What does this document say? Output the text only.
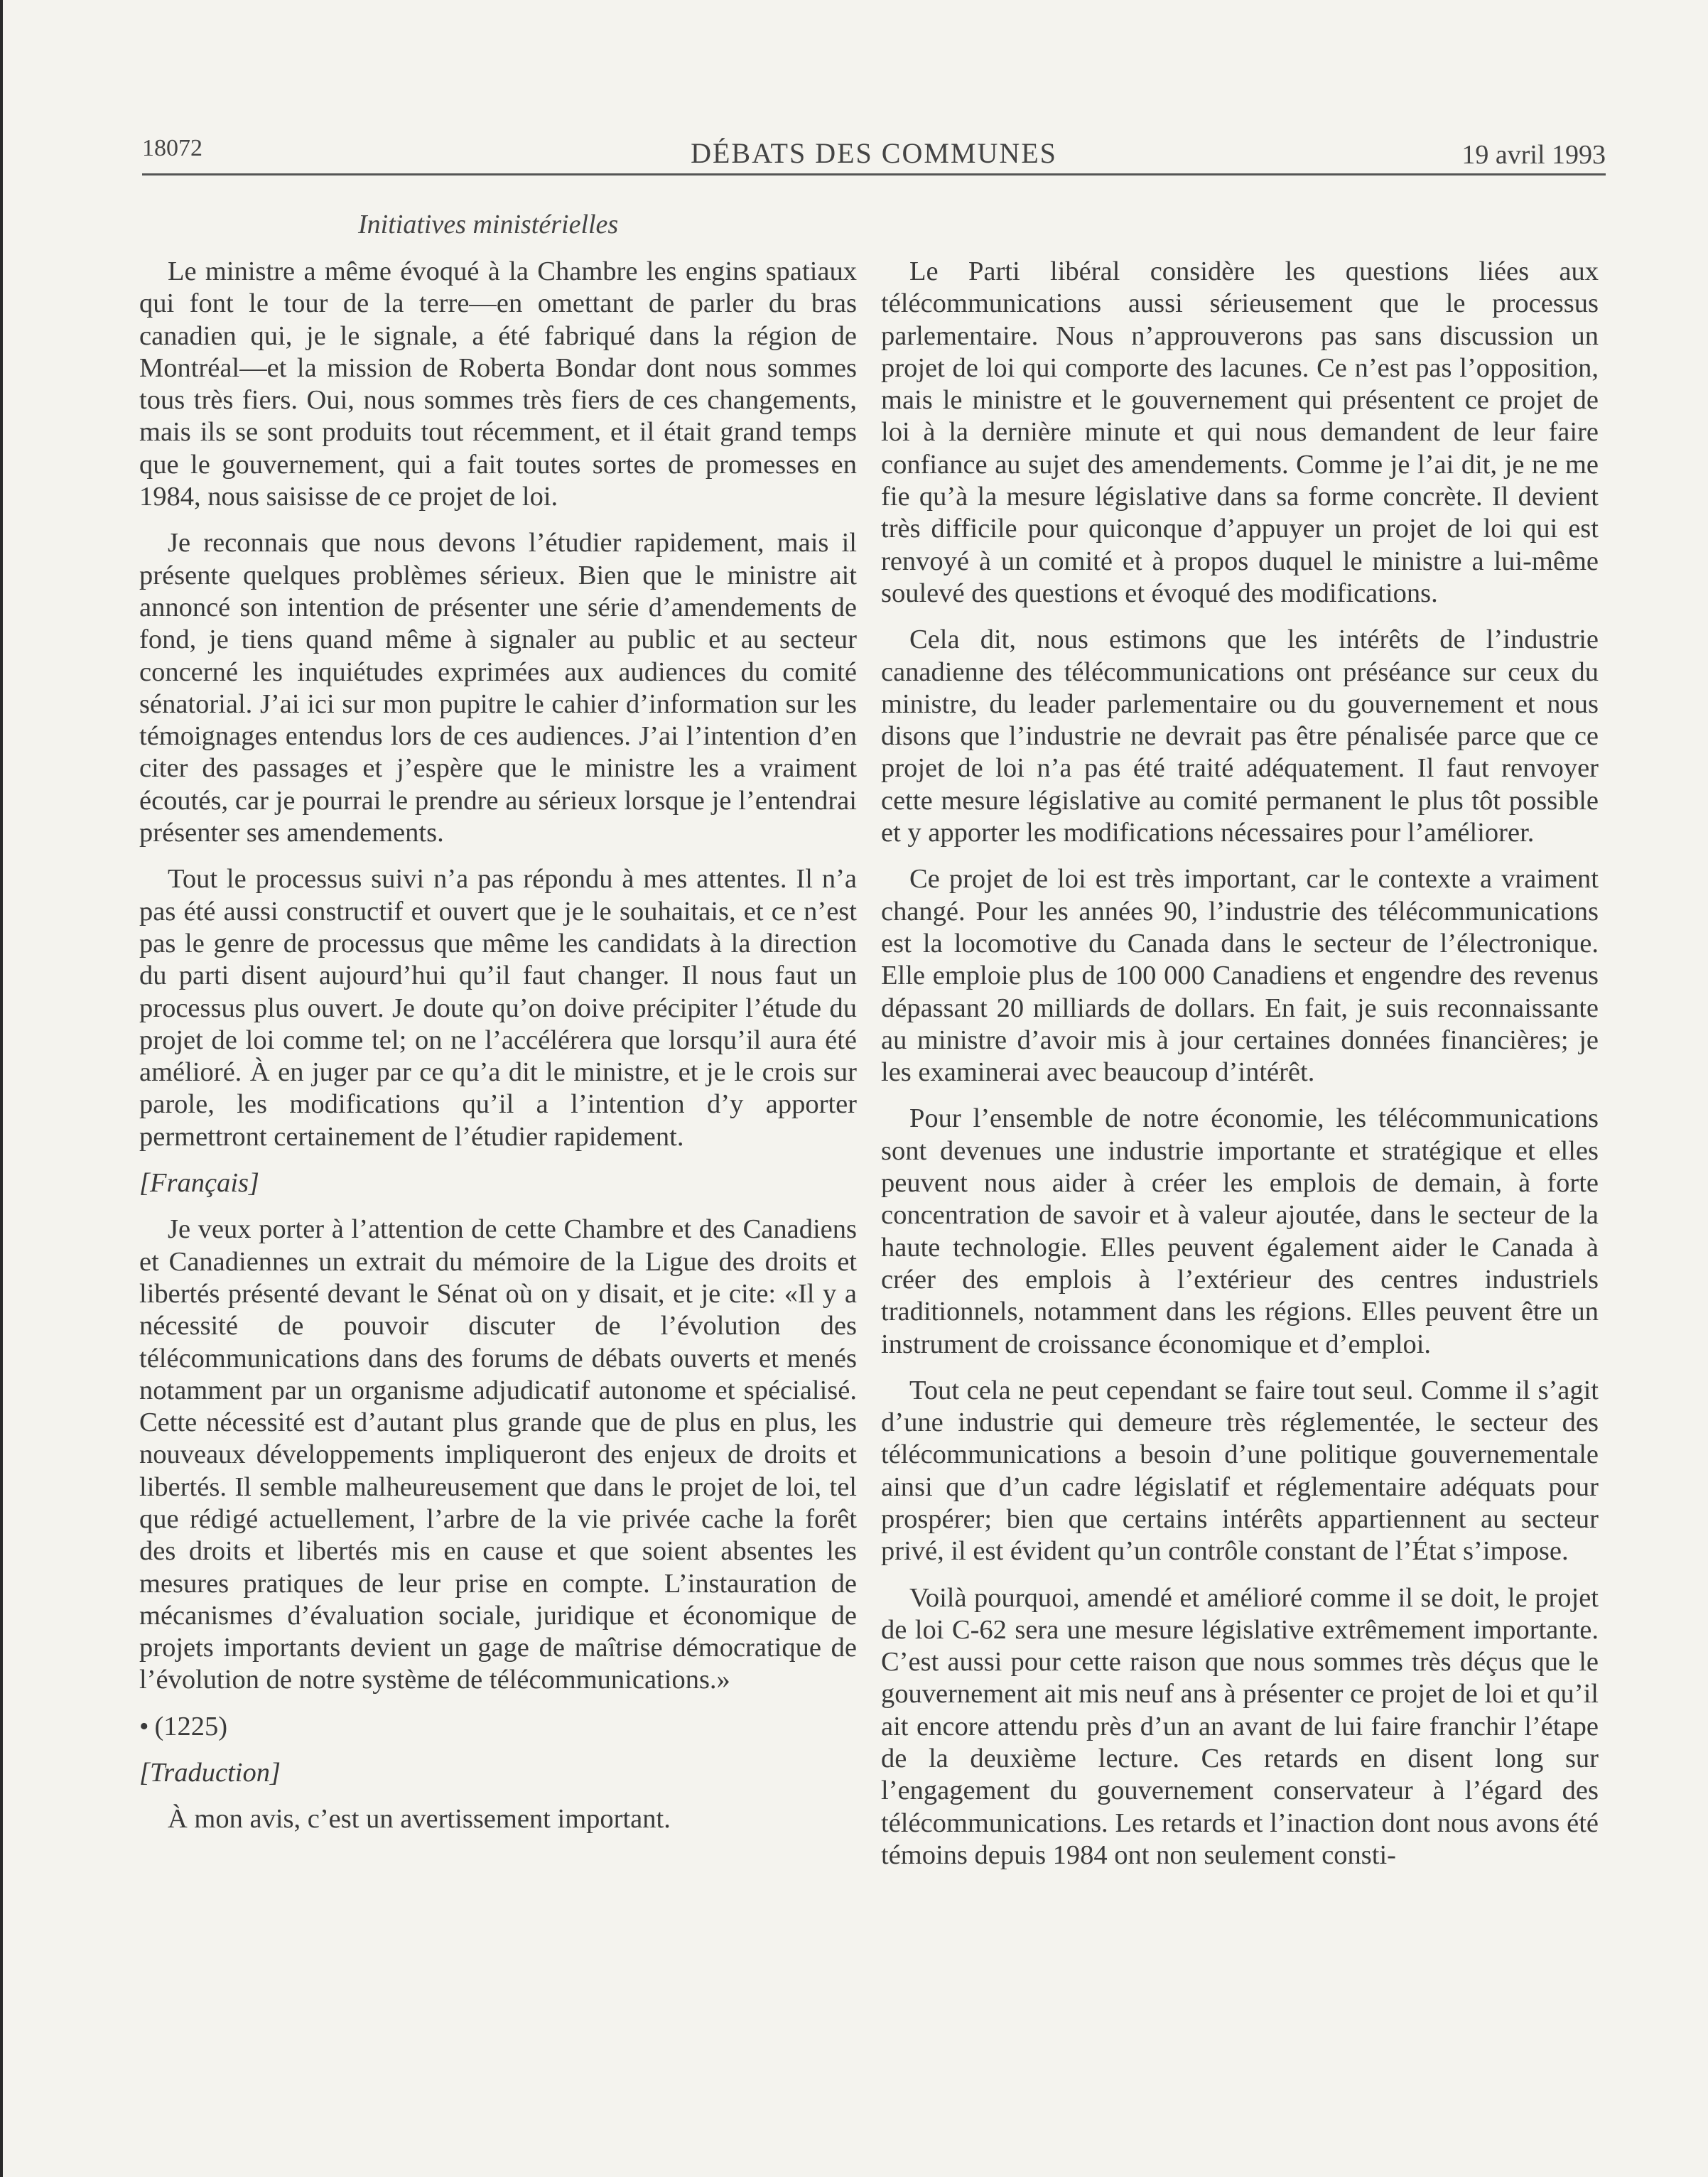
18072	DÉBATS DES COMMUNES	19 avril 1993
Initiatives ministérielles

Le ministre a même évoqué à la Chambre les engins spatiaux qui font le tour de la terre—en omettant de parler du bras canadien qui, je le signale, a été fabriqué dans la région de Montréal—et la mission de Roberta Bondar dont nous sommes tous très fiers. Oui, nous sommes très fiers de ces changements, mais ils se sont produits tout récemment, et il était grand temps que le gouvernement, qui a fait toutes sortes de promesses en 1984, nous saisisse de ce projet de loi.

Je reconnais que nous devons l’étudier rapidement, mais il présente quelques problèmes sérieux. Bien que le ministre ait annoncé son intention de présenter une série d’amendements de fond, je tiens quand même à signaler au public et au secteur concerné les inquiétudes exprimées aux audiences du comité sénatorial. J’ai ici sur mon pupitre le cahier d’information sur les témoignages entendus lors de ces audiences. J’ai l’intention d’en citer des passages et j’espère que le ministre les a vraiment écoutés, car je pourrai le prendre au sérieux lorsque je l’entendrai présenter ses amendements.

Tout le processus suivi n’a pas répondu à mes attentes. Il n’a pas été aussi constructif et ouvert que je le souhaitais, et ce n’est pas le genre de processus que même les candidats à la direction du parti disent aujourd’hui qu’il faut changer. Il nous faut un processus plus ouvert. Je doute qu’on doive précipiter l’étude du projet de loi comme tel; on ne l’accélérera que lorsqu’il aura été amélioré. À en juger par ce qu’a dit le ministre, et je le crois sur parole, les modifications qu’il a l’intention d’y apporter permettront certainement de l’étudier rapidement.

[Français]

Je veux porter à l’attention de cette Chambre et des Canadiens et Canadiennes un extrait du mémoire de la Ligue des droits et libertés présenté devant le Sénat où on y disait, et je cite: «Il y a nécessité de pouvoir discuter de l’évolution des télécommunications dans des forums de débats ouverts et menés notamment par un organisme adjudicatif autonome et spécialisé. Cette nécessité est d’autant plus grande que de plus en plus, les nouveaux développements impliqueront des enjeux de droits et libertés. Il semble malheureusement que dans le projet de loi, tel que rédigé actuellement, l’arbre de la vie privée cache la forêt des droits et libertés mis en cause et que soient absentes les mesures pratiques de leur prise en compte. L’instauration de mécanismes d’évaluation sociale, juridique et économique de projets importants devient un gage de maîtrise démocratique de l’évolution de notre système de télécommunications.»

• (1225)
[Traduction]

À mon avis, c’est un avertissement important.

Le Parti libéral considère les questions liées aux télécommunications aussi sérieusement que le processus parlementaire. Nous n’approuverons pas sans discussion un projet de loi qui comporte des lacunes. Ce n’est pas l’opposition, mais le ministre et le gouvernement qui présentent ce projet de loi à la dernière minute et qui nous demandent de leur faire confiance au sujet des amendements. Comme je l’ai dit, je ne me fie qu’à la mesure législative dans sa forme concrète. Il devient très difficile pour quiconque d’appuyer un projet de loi qui est renvoyé à un comité et à propos duquel le ministre a lui-même soulevé des questions et évoqué des modifications.

Cela dit, nous estimons que les intérêts de l’industrie canadienne des télécommunications ont préséance sur ceux du ministre, du leader parlementaire ou du gouvernement et nous disons que l’industrie ne devrait pas être pénalisée parce que ce projet de loi n’a pas été traité adéquatement. Il faut renvoyer cette mesure législative au comité permanent le plus tôt possible et y apporter les modifications nécessaires pour l’améliorer.

Ce projet de loi est très important, car le contexte a vraiment changé. Pour les années 90, l’industrie des télécommunications est la locomotive du Canada dans le secteur de l’électronique. Elle emploie plus de 100 000 Canadiens et engendre des revenus dépassant 20 milliards de dollars. En fait, je suis reconnaissante au ministre d’avoir mis à jour certaines données financières; je les examinerai avec beaucoup d’intérêt.

Pour l’ensemble de notre économie, les télécommunications sont devenues une industrie importante et stratégique et elles peuvent nous aider à créer les emplois de demain, à forte concentration de savoir et à valeur ajoutée, dans le secteur de la haute technologie. Elles peuvent également aider le Canada à créer des emplois à l’extérieur des centres industriels traditionnels, notamment dans les régions. Elles peuvent être un instrument de croissance économique et d’emploi.

Tout cela ne peut cependant se faire tout seul. Comme il s’agit d’une industrie qui demeure très réglementée, le secteur des télécommunications a besoin d’une politique gouvernementale ainsi que d’un cadre législatif et réglementaire adéquats pour prospérer; bien que certains intérêts appartiennent au secteur privé, il est évident qu’un contrôle constant de l’État s’impose.

Voilà pourquoi, amendé et amélioré comme il se doit, le projet de loi C-62 sera une mesure législative extrêmement importante. C’est aussi pour cette raison que nous sommes très déçus que le gouvernement ait mis neuf ans à présenter ce projet de loi et qu’il ait encore attendu près d’un an avant de lui faire franchir l’étape de la deuxième lecture. Ces retards en disent long sur l’engagement du gouvernement conservateur à l’égard des télécommunications. Les retards et l’inaction dont nous avons été témoins depuis 1984 ont non seulement consti-
